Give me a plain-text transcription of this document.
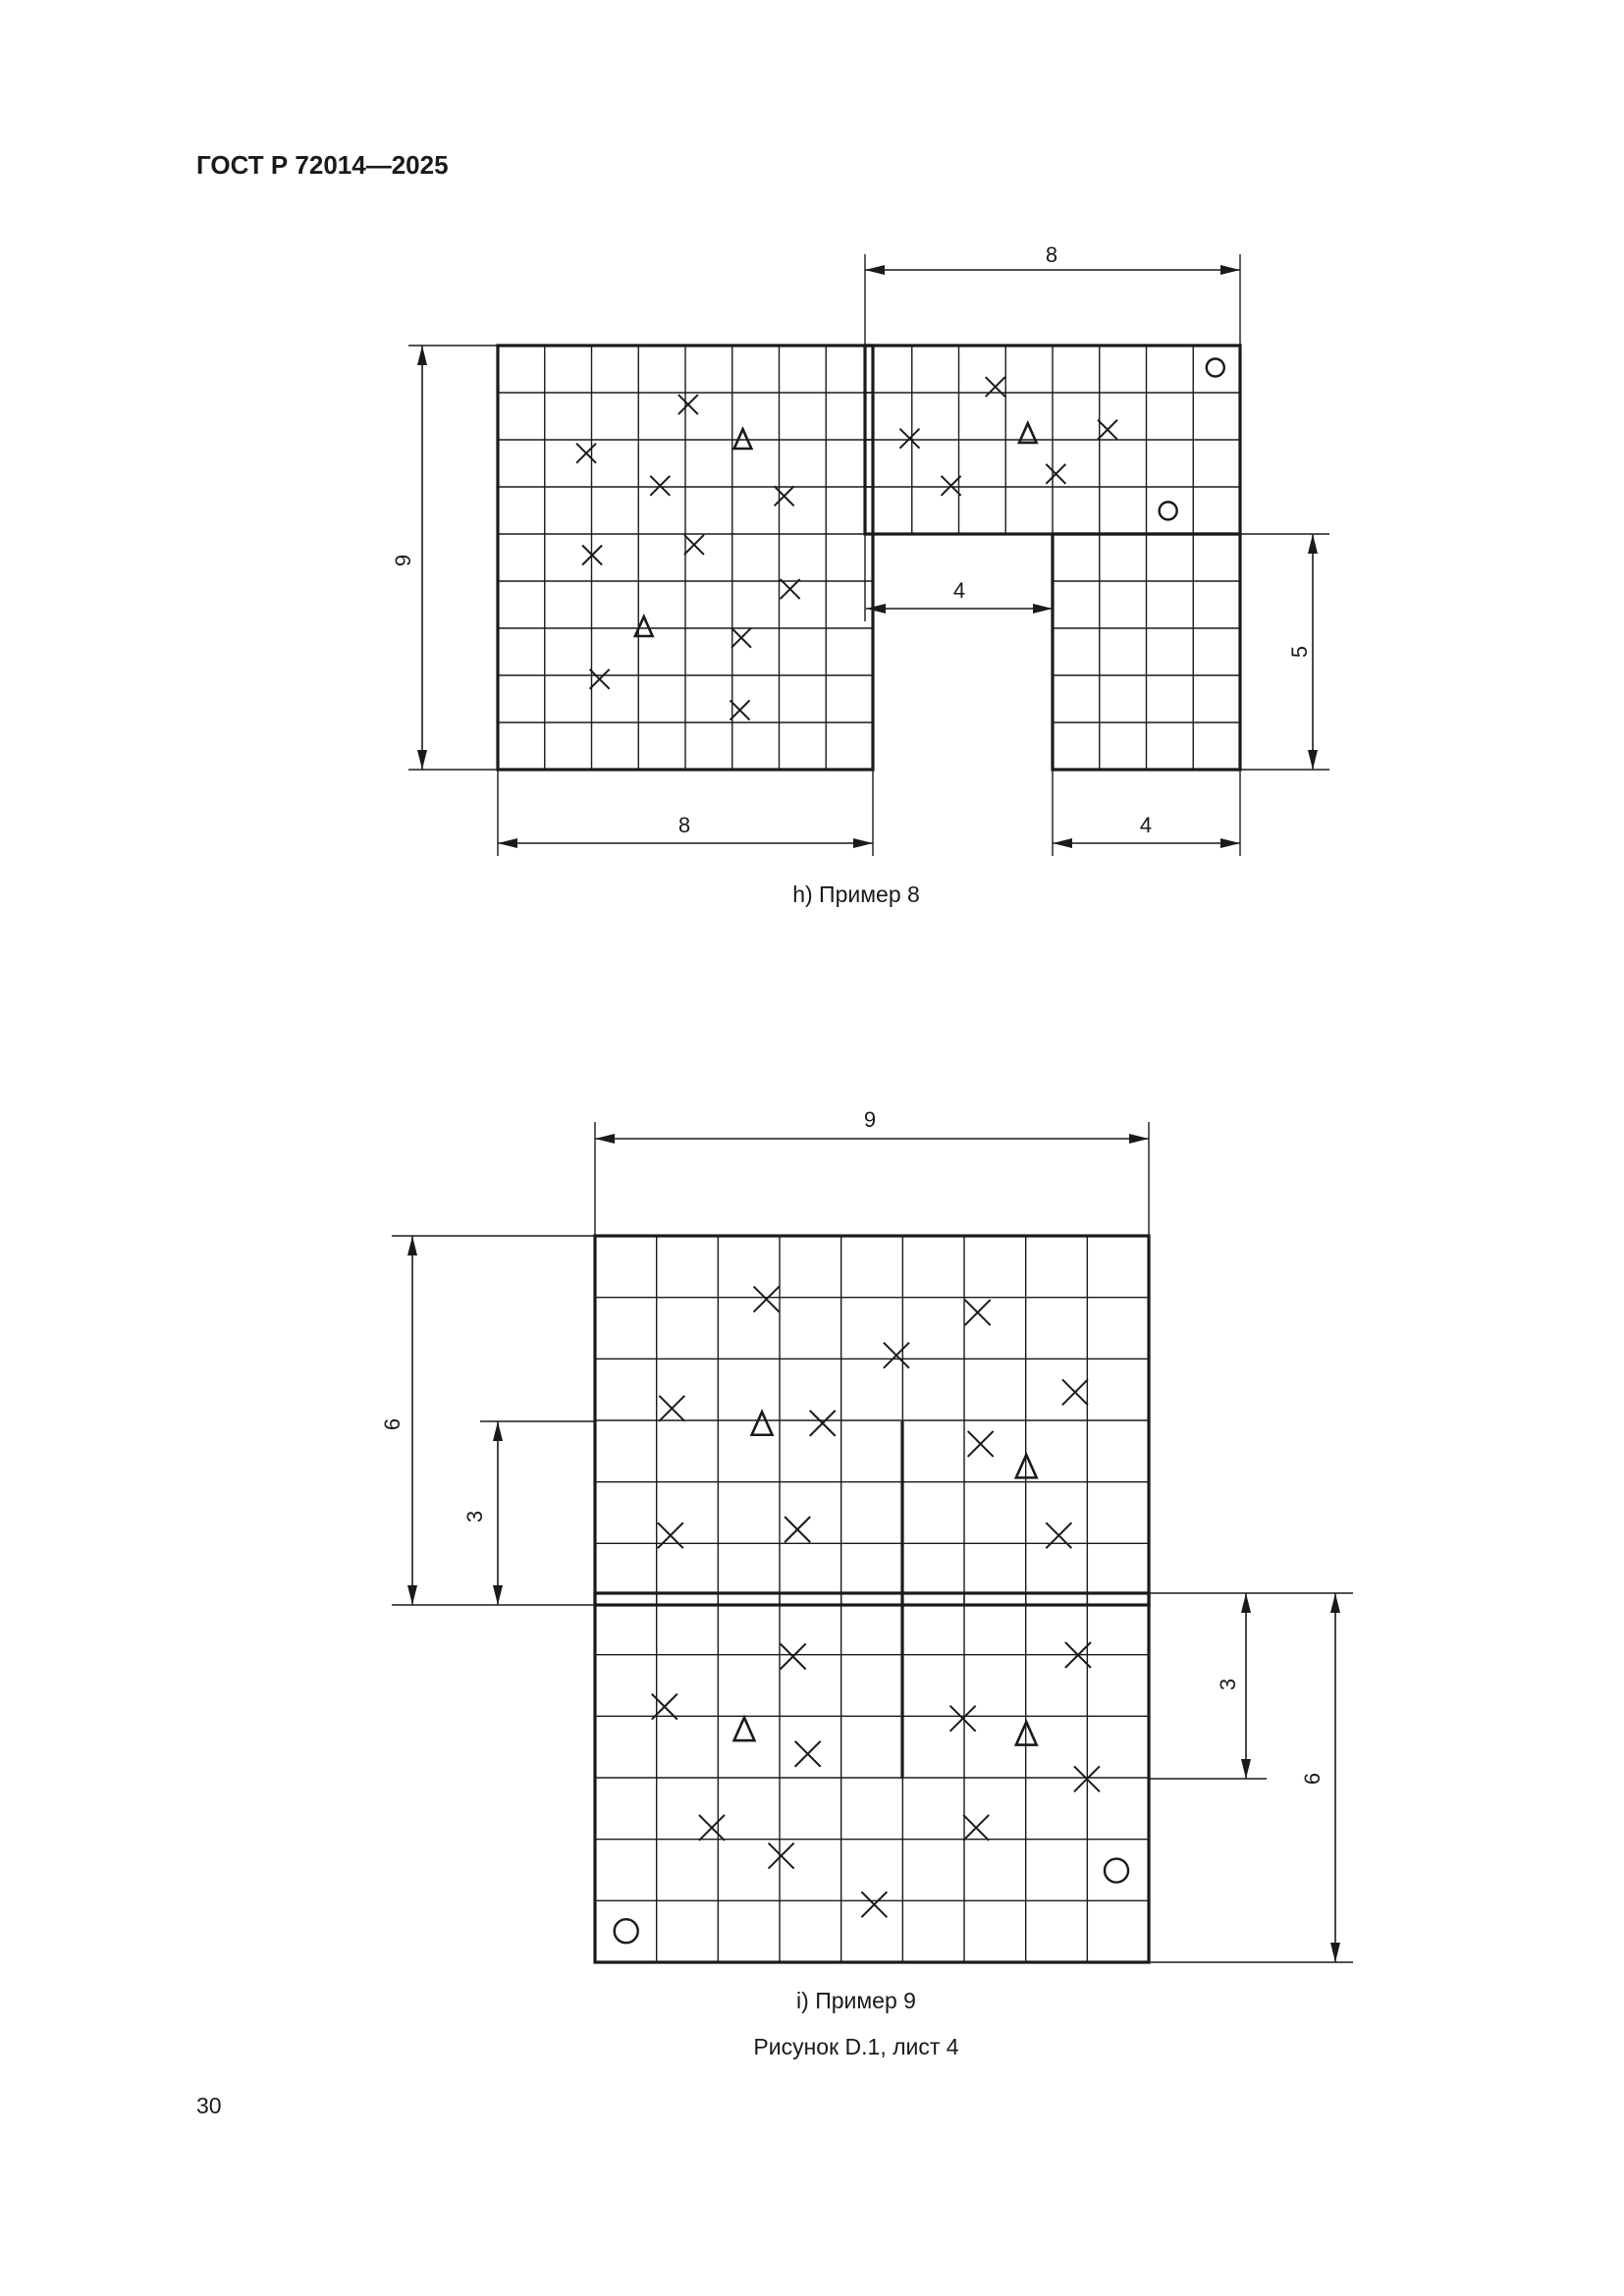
ГОСТ Р 72014—2025
8
9
8	4
4
5
h) Пример 8
9
6
3
3
6
i) Пример 9
Рисунок D.1, лист 4
30
